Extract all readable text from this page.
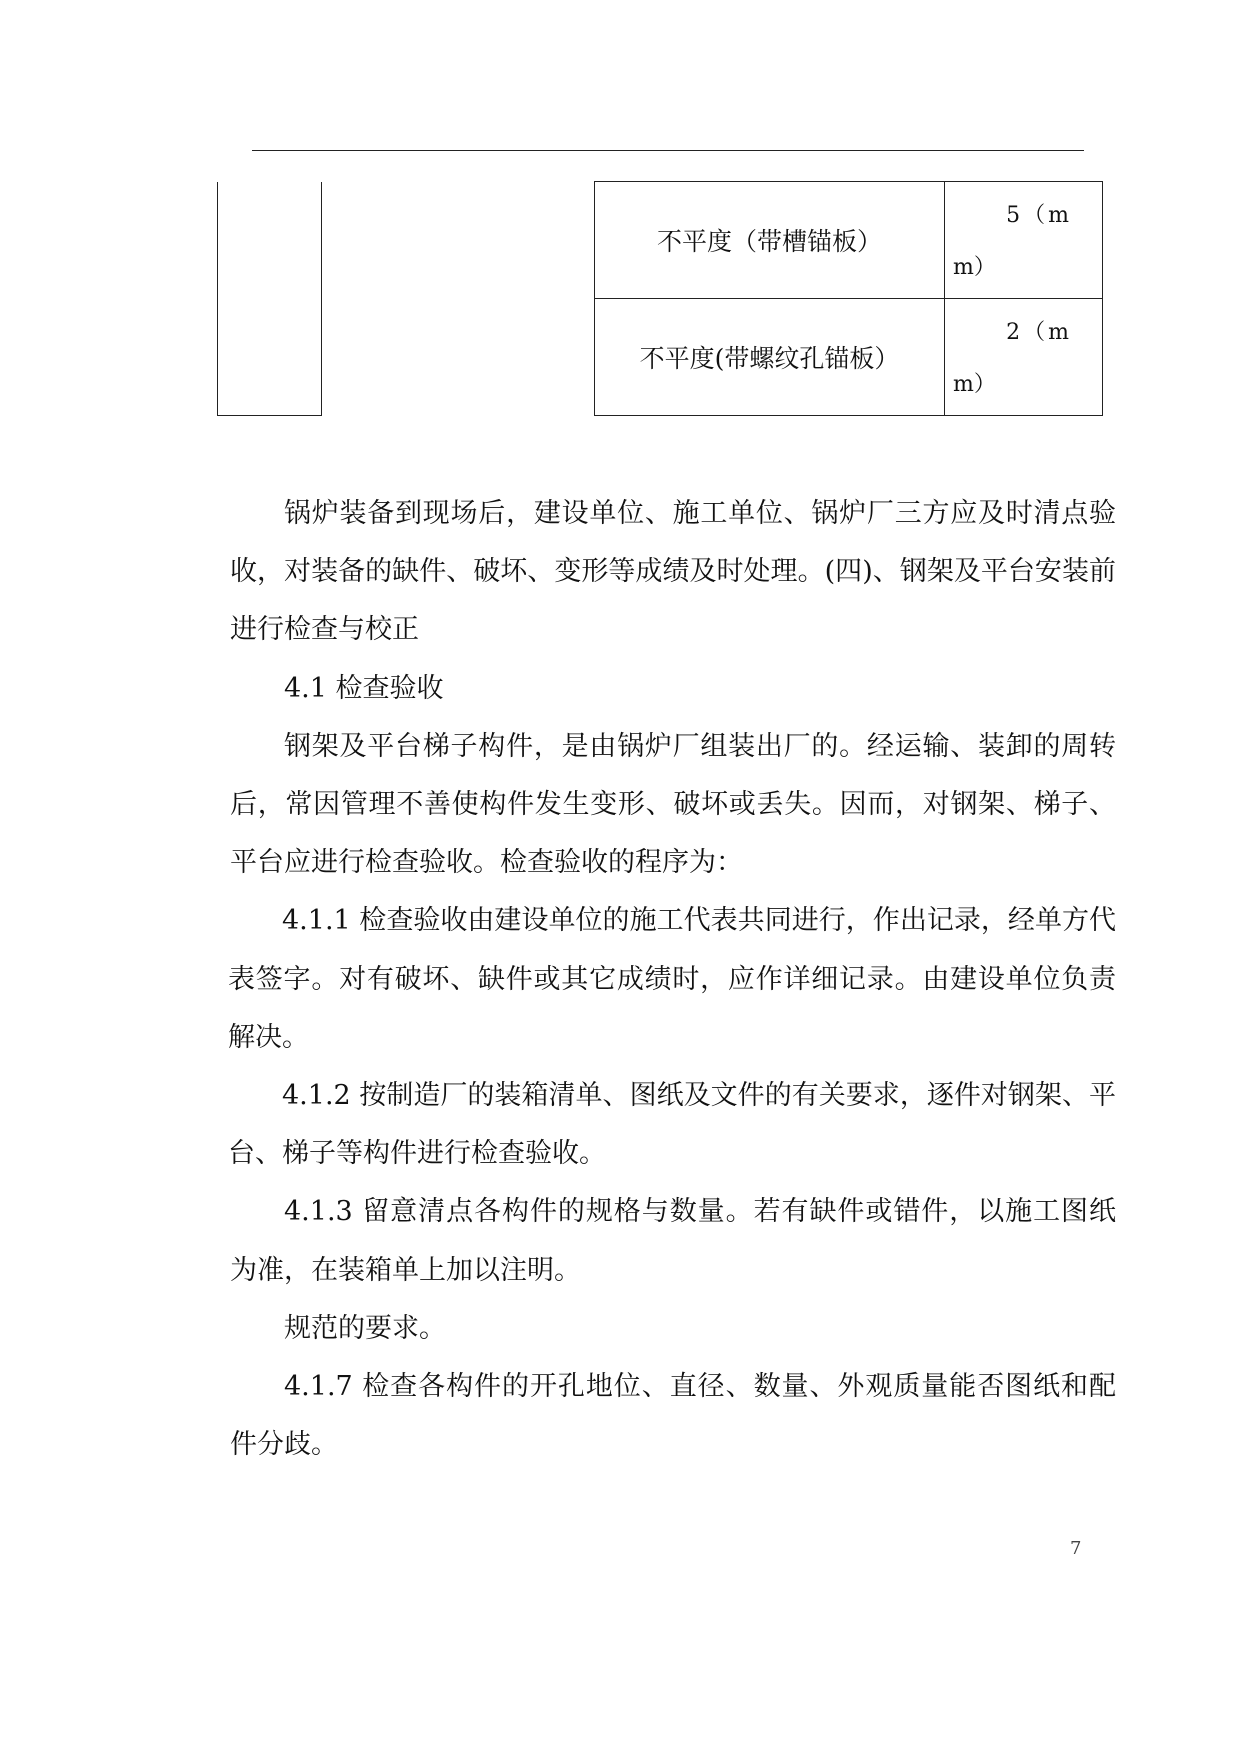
		不平度（带槽锚板）	5（m
m）

		不平度(带螺纹孔锚板）	2（m
m）

锅炉装备到现场后，建设单位、施工单位、锅炉厂三方应及时清点验收，对装备的缺件、破坏、变形等成绩及时处理。(四)、钢架及平台安装前进行检查与校正

4.1 检查验收

钢架及平台梯子构件，是由锅炉厂组装出厂的。经运输、装卸的周转后，常因管理不善使构件发生变形、破坏或丢失。因而，对钢架、梯子、平台应进行检查验收。检查验收的程序为：

4.1.1 检查验收由建设单位的施工代表共同进行，作出记录，经单方代表签字。对有破坏、缺件或其它成绩时，应作详细记录。由建设单位负责解决。

4.1.2 按制造厂的装箱清单、图纸及文件的有关要求，逐件对钢架、平台、梯子等构件进行检查验收。

4.1.3 留意清点各构件的规格与数量。若有缺件或错件，以施工图纸为准，在装箱单上加以注明。

规范的要求。

4.1.7 检查各构件的开孔地位、直径、数量、外观质量能否图纸和配件分歧。

7
